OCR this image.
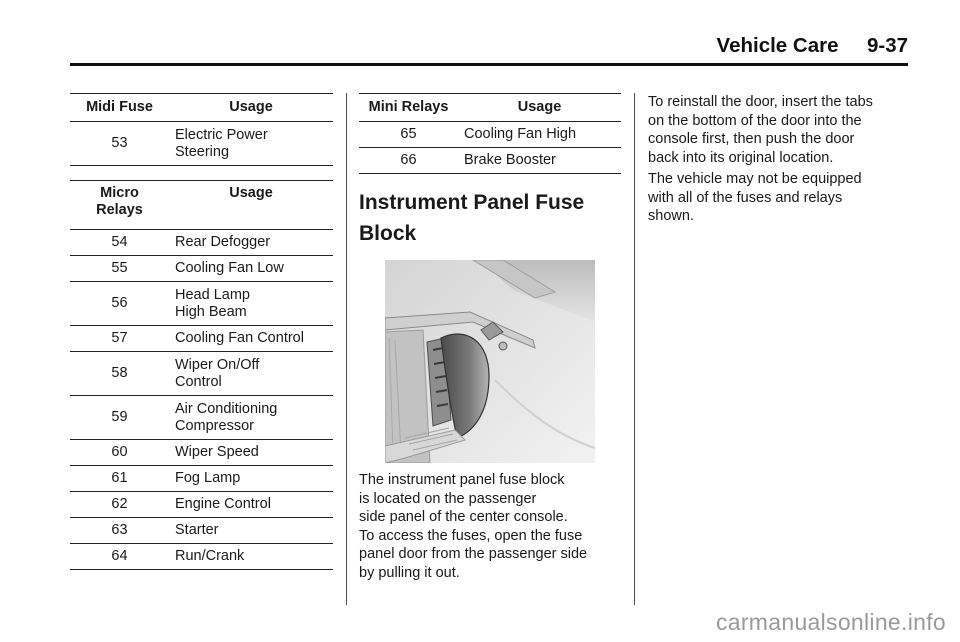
Vehicle Care     9-37
Midi Fuse	Usage
53	Electric Power
Steering
Micro
Relays	Usage
54	Rear Defogger
55	Cooling Fan Low
56	Head Lamp
High Beam

57	Cooling Fan Control
58	Wiper On/Off
Control

59	Air Conditioning
Compressor

60	Wiper Speed
61	Fog Lamp
62	Engine Control
63	Starter
64	Run/Crank
Mini Relays	Usage
65	Cooling Fan High
66	Brake Booster
Instrument Panel Fuse
Block

The instrument panel fuse block
is located on the passenger
side panel of the center console.
To access the fuses, open the fuse
panel door from the passenger side
by pulling it out.

To reinstall the door, insert the tabs
on the bottom of the door into the
console first, then push the door
back into its original location.

The vehicle may not be equipped
with all of the fuses and relays
shown.

carmanualsonline.info
